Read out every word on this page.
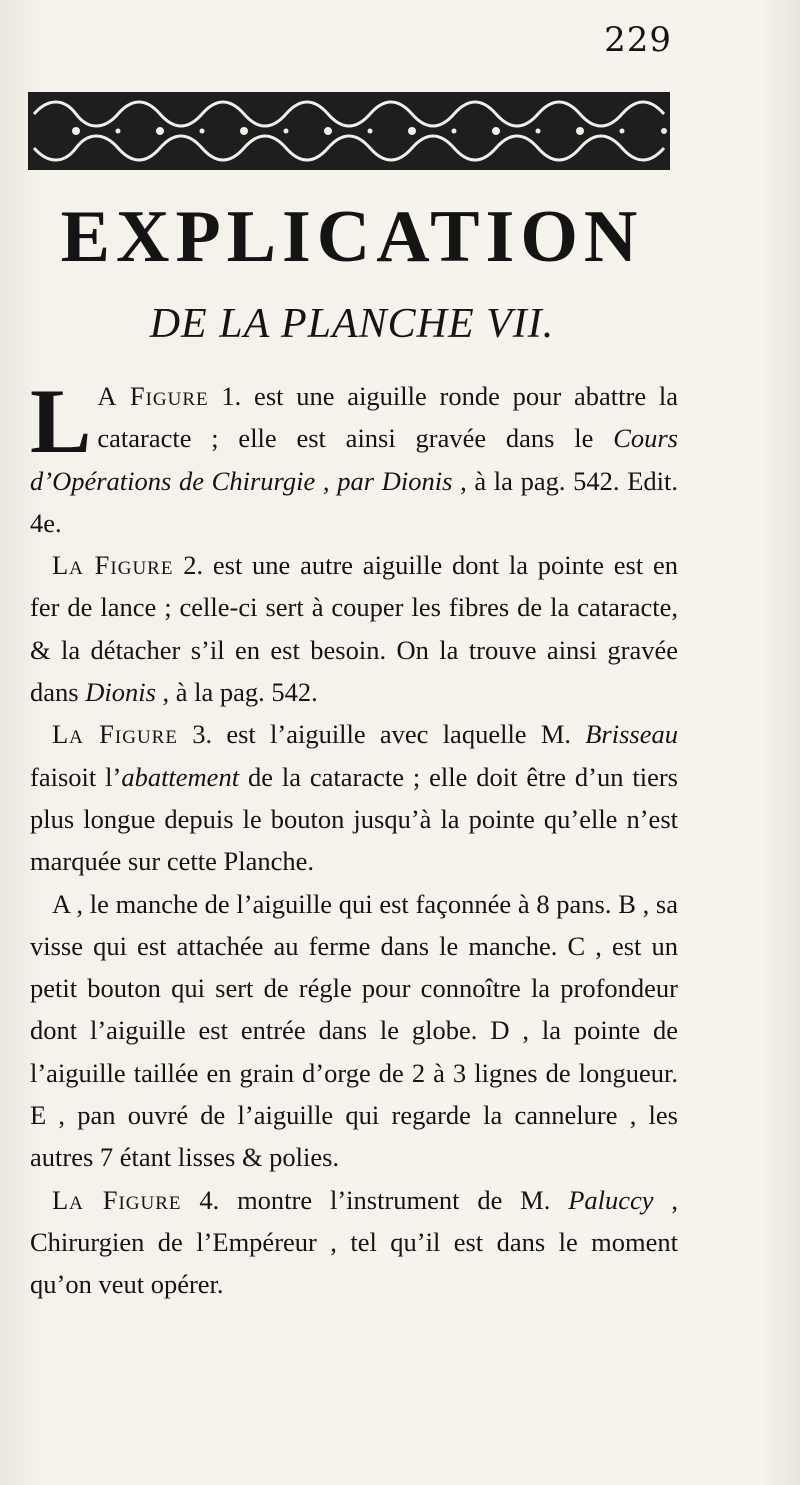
229
EXPLICATION
DE LA PLANCHE VII.

L A Figure 1. est une aiguille ronde pour abattre la cataracte ; elle est ainsi gravée dans le Cours d’Opérations de Chirurgie , par Dionis , à la pag. 542. Edit. 4e.

La Figure 2. est une autre aiguille dont la pointe est en fer de lance ; celle-ci sert à couper les fibres de la cataracte, & la détacher s’il en est besoin. On la trouve ainsi gravée dans Dionis , à la pag. 542.

La Figure 3. est l’aiguille avec laquelle M. Brisseau faisoit l’abattement de la cataracte ; elle doit être d’un tiers plus longue depuis le bouton jusqu’à la pointe qu’elle n’est marquée sur cette Planche.

A , le manche de l’aiguille qui est façonnée à 8 pans. B , sa visse qui est attachée au ferme dans le manche. C , est un petit bouton qui sert de régle pour connoître la profondeur dont l’aiguille est entrée dans le globe. D , la pointe de l’aiguille taillée en grain d’orge de 2 à 3 lignes de longueur. E , pan ouvré de l’aiguille qui regarde la cannelure , les autres 7 étant lisses & polies.

La Figure 4. montre l’instrument de M. Paluccy , Chirurgien de l’Empéreur , tel qu’il est dans le moment qu’on veut opérer.
